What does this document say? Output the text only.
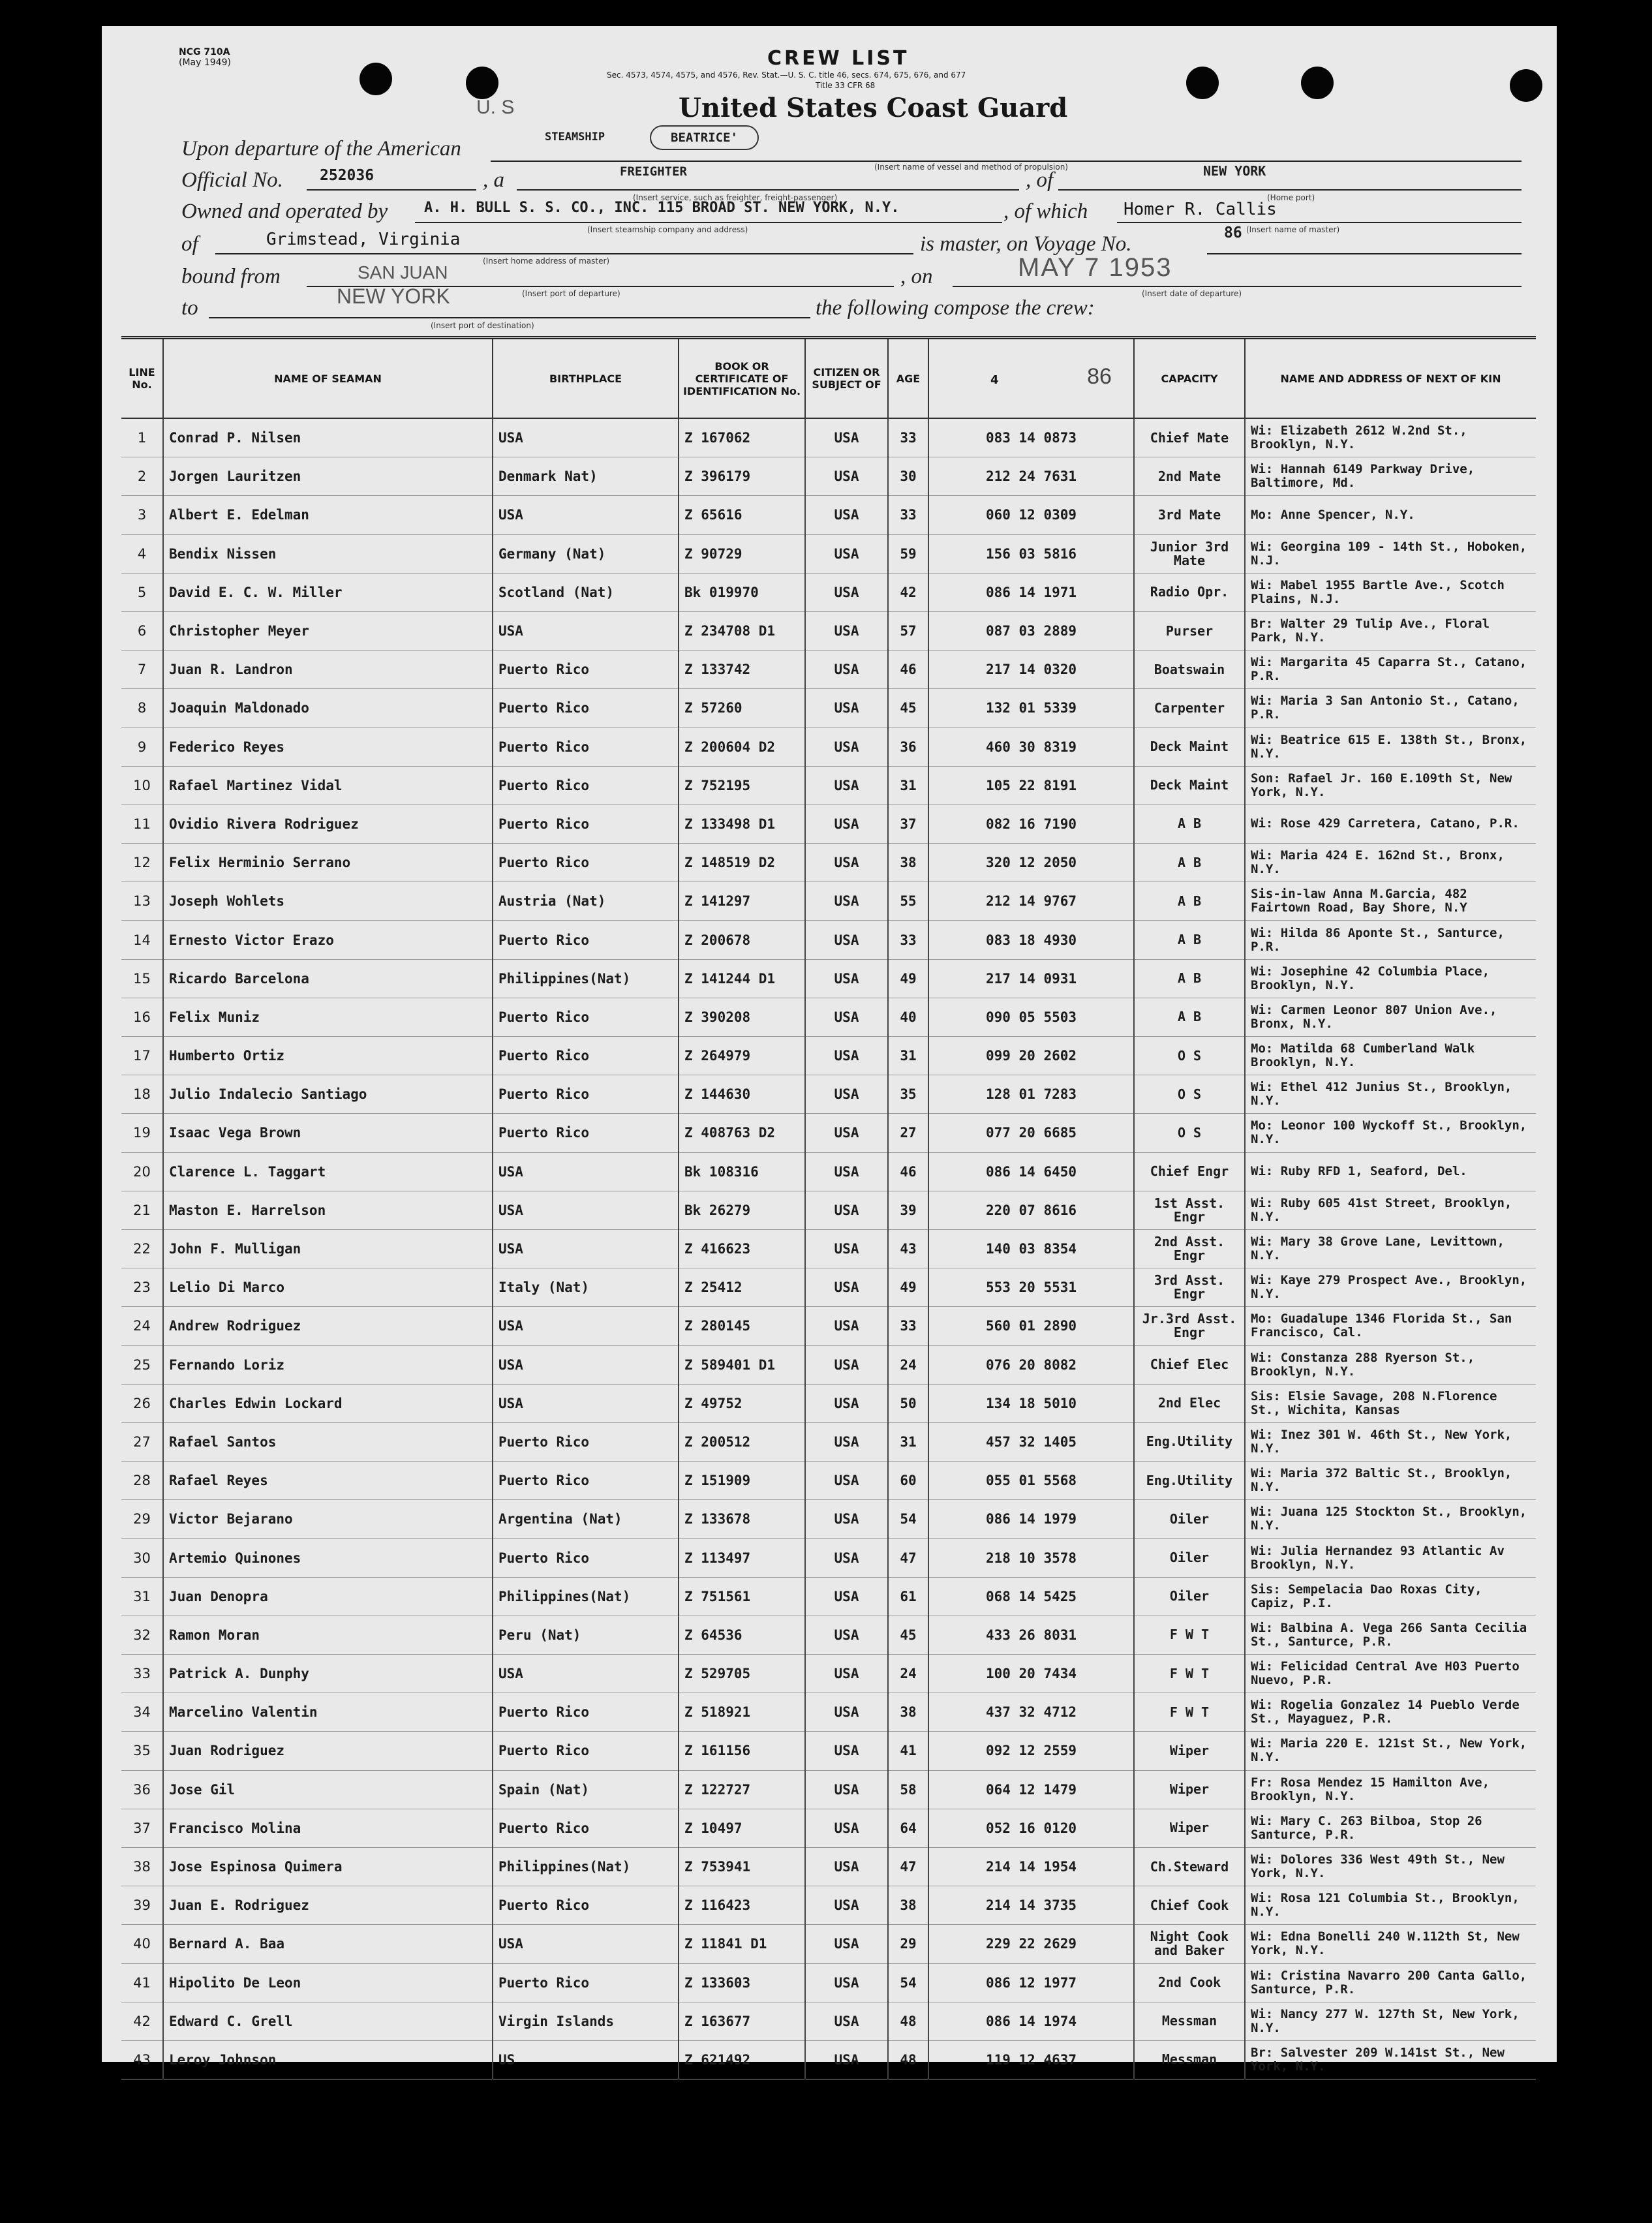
NCG 710A
(May 1949)	CREW LIST
Sec. 4573, 4574, 4575, and 4576, Rev. Stat.—U. S. C. title 46, secs. 674, 675, 676, and 677
Title 33 CFR 68
United States Coast Guard
U. S
Upon departure of the American	STEAMSHIP	BEATRICE'
(Insert name of vessel and method of propulsion)
Official No. 252036	, a	FREIGHTER	, of	NEW YORK
(Insert service, such as freighter, freight-passenger)	(Home port)
Owned and operated by	A. H. BULL S. S. CO., INC. 115 BROAD ST. NEW YORK, N.Y.	, of which Homer R. Callis
(Insert steamship company and address)	(Insert name of master)
of	Grimstead, Virginia	is master, on Voyage No.	86
(Insert home address of master)
bound from	SAN JUAN	, on	MAY 7 1953
(Insert port of departure)	(Insert date of departure)
to	NEW YORK	the following compose the crew:
(Insert port of destination)
LINE No.	NAME OF SEAMAN	BIRTHPLACE	BOOK OR CERTIFICATE OF IDENTIFICATION No.	CITIZEN OR SUBJECT OF	AGE	4 86	CAPACITY	NAME AND ADDRESS OF NEXT OF KIN
1	Conrad P. Nilsen	USA	Z 167062	USA	33	083 14 0873	Chief Mate	Wi: Elizabeth 2612 W.2nd St., Brooklyn, N.Y.
2	Jorgen Lauritzen	Denmark Nat)	Z 396179	USA	30	212 24 7631	2nd Mate	Wi: Hannah 6149 Parkway Drive, Baltimore, Md.
3	Albert E. Edelman	USA	Z 65616	USA	33	060 12 0309	3rd Mate	Mo: Anne Spencer, N.Y.
4	Bendix Nissen	Germany (Nat)	Z 90729	USA	59	156 03 5816	Junior 3rd Mate	Wi: Georgina 109 - 14th St., Hoboken, N.J.
5	David E. C. W. Miller	Scotland (Nat)	Bk 019970	USA	42	086 14 1971	Radio Opr.	Wi: Mabel 1955 Bartle Ave., Scotch Plains, N.J.
6	Christopher Meyer	USA	Z 234708 D1	USA	57	087 03 2889	Purser	Br: Walter 29 Tulip Ave., Floral Park, N.Y.
7	Juan R. Landron	Puerto Rico	Z 133742	USA	46	217 14 0320	Boatswain	Wi: Margarita 45 Caparra St., Catano, P.R.
8	Joaquin Maldonado	Puerto Rico	Z 57260	USA	45	132 01 5339	Carpenter	Wi: Maria 3 San Antonio St., Catano, P.R.
9	Federico Reyes	Puerto Rico	Z 200604 D2	USA	36	460 30 8319	Deck Maint	Wi: Beatrice 615 E. 138th St., Bronx, N.Y.
10	Rafael Martinez Vidal	Puerto Rico	Z 752195	USA	31	105 22 8191	Deck Maint	Son: Rafael Jr. 160 E.109th St, New York, N.Y.
11	Ovidio Rivera Rodriguez	Puerto Rico	Z 133498 D1	USA	37	082 16 7190	A B	Wi: Rose 429 Carretera, Catano, P.R.
12	Felix Herminio Serrano	Puerto Rico	Z 148519 D2	USA	38	320 12 2050	A B	Wi: Maria 424 E. 162nd St., Bronx, N.Y.
13	Joseph Wohlets	Austria (Nat)	Z 141297	USA	55	212 14 9767	A B	Sis-in-law Anna M.Garcia, 482 Fairtown Road, Bay Shore, N.Y
14	Ernesto Victor Erazo	Puerto Rico	Z 200678	USA	33	083 18 4930	A B	Wi: Hilda 86 Aponte St., Santurce, P.R.
15	Ricardo Barcelona	Philippines(Nat)	Z 141244 D1	USA	49	217 14 0931	A B	Wi: Josephine 42 Columbia Place, Brooklyn, N.Y.
16	Felix Muniz	Puerto Rico	Z 390208	USA	40	090 05 5503	A B	Wi: Carmen Leonor 807 Union Ave., Bronx, N.Y.
17	Humberto Ortiz	Puerto Rico	Z 264979	USA	31	099 20 2602	O S	Mo: Matilda 68 Cumberland Walk Brooklyn, N.Y.
18	Julio Indalecio Santiago	Puerto Rico	Z 144630	USA	35	128 01 7283	O S	Wi: Ethel 412 Junius St., Brooklyn, N.Y.
19	Isaac Vega Brown	Puerto Rico	Z 408763 D2	USA	27	077 20 6685	O S	Mo: Leonor 100 Wyckoff St., Brooklyn, N.Y.
20	Clarence L. Taggart	USA	Bk 108316	USA	46	086 14 6450	Chief Engr	Wi: Ruby RFD 1, Seaford, Del.
21	Maston E. Harrelson	USA	Bk 26279	USA	39	220 07 8616	1st Asst. Engr	Wi: Ruby 605 41st Street, Brooklyn, N.Y.
22	John F. Mulligan	USA	Z 416623	USA	43	140 03 8354	2nd Asst. Engr	Wi: Mary 38 Grove Lane, Levittown, N.Y.
23	Lelio Di Marco	Italy (Nat)	Z 25412	USA	49	553 20 5531	3rd Asst. Engr	Wi: Kaye 279 Prospect Ave., Brooklyn, N.Y.
24	Andrew Rodriguez	USA	Z 280145	USA	33	560 01 2890	Jr.3rd Asst. Engr	Mo: Guadalupe 1346 Florida St., San Francisco, Cal.
25	Fernando Loriz	USA	Z 589401 D1	USA	24	076 20 8082	Chief Elec	Wi: Constanza 288 Ryerson St., Brooklyn, N.Y.
26	Charles Edwin Lockard	USA	Z 49752	USA	50	134 18 5010	2nd Elec	Sis: Elsie Savage, 208 N.Florence St., Wichita, Kansas
27	Rafael Santos	Puerto Rico	Z 200512	USA	31	457 32 1405	Eng.Utility	Wi: Inez 301 W. 46th St., New York, N.Y.
28	Rafael Reyes	Puerto Rico	Z 151909	USA	60	055 01 5568	Eng.Utility	Wi: Maria 372 Baltic St., Brooklyn, N.Y.
29	Victor Bejarano	Argentina (Nat)	Z 133678	USA	54	086 14 1979	Oiler	Wi: Juana 125 Stockton St., Brooklyn, N.Y.
30	Artemio Quinones	Puerto Rico	Z 113497	USA	47	218 10 3578	Oiler	Wi: Julia Hernandez 93 Atlantic Av Brooklyn, N.Y.
31	Juan Denopra	Philippines(Nat)	Z 751561	USA	61	068 14 5425	Oiler	Sis: Sempelacia Dao Roxas City, Capiz, P.I.
32	Ramon Moran	Peru (Nat)	Z 64536	USA	45	433 26 8031	F W T	Wi: Balbina A. Vega 266 Santa Cecilia St., Santurce, P.R.
33	Patrick A. Dunphy	USA	Z 529705	USA	24	100 20 7434	F W T	Wi: Felicidad Central Ave H03 Puerto Nuevo, P.R.
34	Marcelino Valentin	Puerto Rico	Z 518921	USA	38	437 32 4712	F W T	Wi: Rogelia Gonzalez 14 Pueblo Verde St., Mayaguez, P.R.
35	Juan Rodriguez	Puerto Rico	Z 161156	USA	41	092 12 2559	Wiper	Wi: Maria 220 E. 121st St., New York, N.Y.
36	Jose Gil	Spain (Nat)	Z 122727	USA	58	064 12 1479	Wiper	Fr: Rosa Mendez 15 Hamilton Ave, Brooklyn, N.Y.
37	Francisco Molina	Puerto Rico	Z 10497	USA	64	052 16 0120	Wiper	Wi: Mary C. 263 Bilboa, Stop 26 Santurce, P.R.
38	Jose Espinosa Quimera	Philippines(Nat)	Z 753941	USA	47	214 14 1954	Ch.Steward	Wi: Dolores 336 West 49th St., New York, N.Y.
39	Juan E. Rodriguez	Puerto Rico	Z 116423	USA	38	214 14 3735	Chief Cook	Wi: Rosa 121 Columbia St., Brooklyn, N.Y.
40	Bernard A. Baa	USA	Z 11841 D1	USA	29	229 22 2629	Night Cook and Baker	Wi: Edna Bonelli 240 W.112th St, New York, N.Y.
41	Hipolito De Leon	Puerto Rico	Z 133603	USA	54	086 12 1977	2nd Cook	Wi: Cristina Navarro 200 Canta Gallo, Santurce, P.R.
42	Edward C. Grell	Virgin Islands	Z 163677	USA	48	086 14 1974	Messman	Wi: Nancy 277 W. 127th St, New York, N.Y.
43	Leroy Johnson	US	Z 621492	USA	48	119 12 4637	Messman	Br: Salvester 209 W.141st St., New York, N.Y.
